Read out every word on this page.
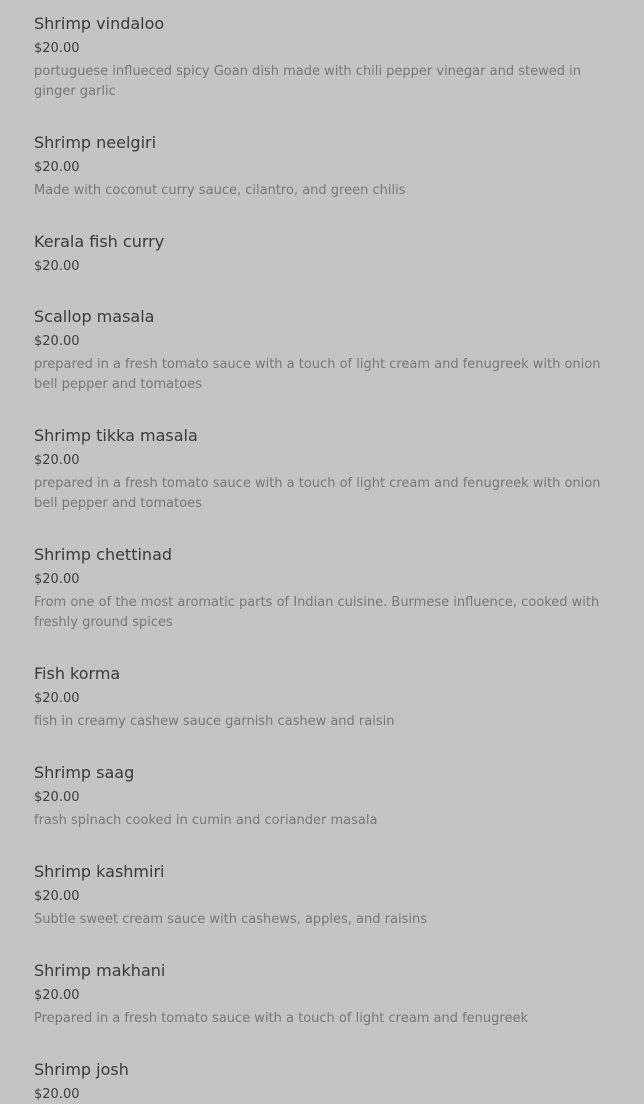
Shrimp vindaloo
$20.00
portuguese influeced spicy Goan dish made with chili pepper vinegar and stewed in ginger garlic
Shrimp neelgiri
$20.00
Made with coconut curry sauce, cilantro, and green chilis
Kerala fish curry
$20.00
Scallop masala
$20.00
prepared in a fresh tomato sauce with a touch of light cream and fenugreek with onion bell pepper and tomatoes
Shrimp tikka masala
$20.00
prepared in a fresh tomato sauce with a touch of light cream and fenugreek with onion bell pepper and tomatoes
Shrimp chettinad
$20.00
From one of the most aromatic parts of Indian cuisine. Burmese influence, cooked with freshly ground spices
Fish korma
$20.00
fish in creamy cashew sauce garnish cashew and raisin
Shrimp saag
$20.00
frash spinach cooked in cumin and coriander masala
Shrimp kashmiri
$20.00
Subtle sweet cream sauce with cashews, apples, and raisins
Shrimp makhani
$20.00
Prepared in a fresh tomato sauce with a touch of light cream and fenugreek
Shrimp josh
$20.00
